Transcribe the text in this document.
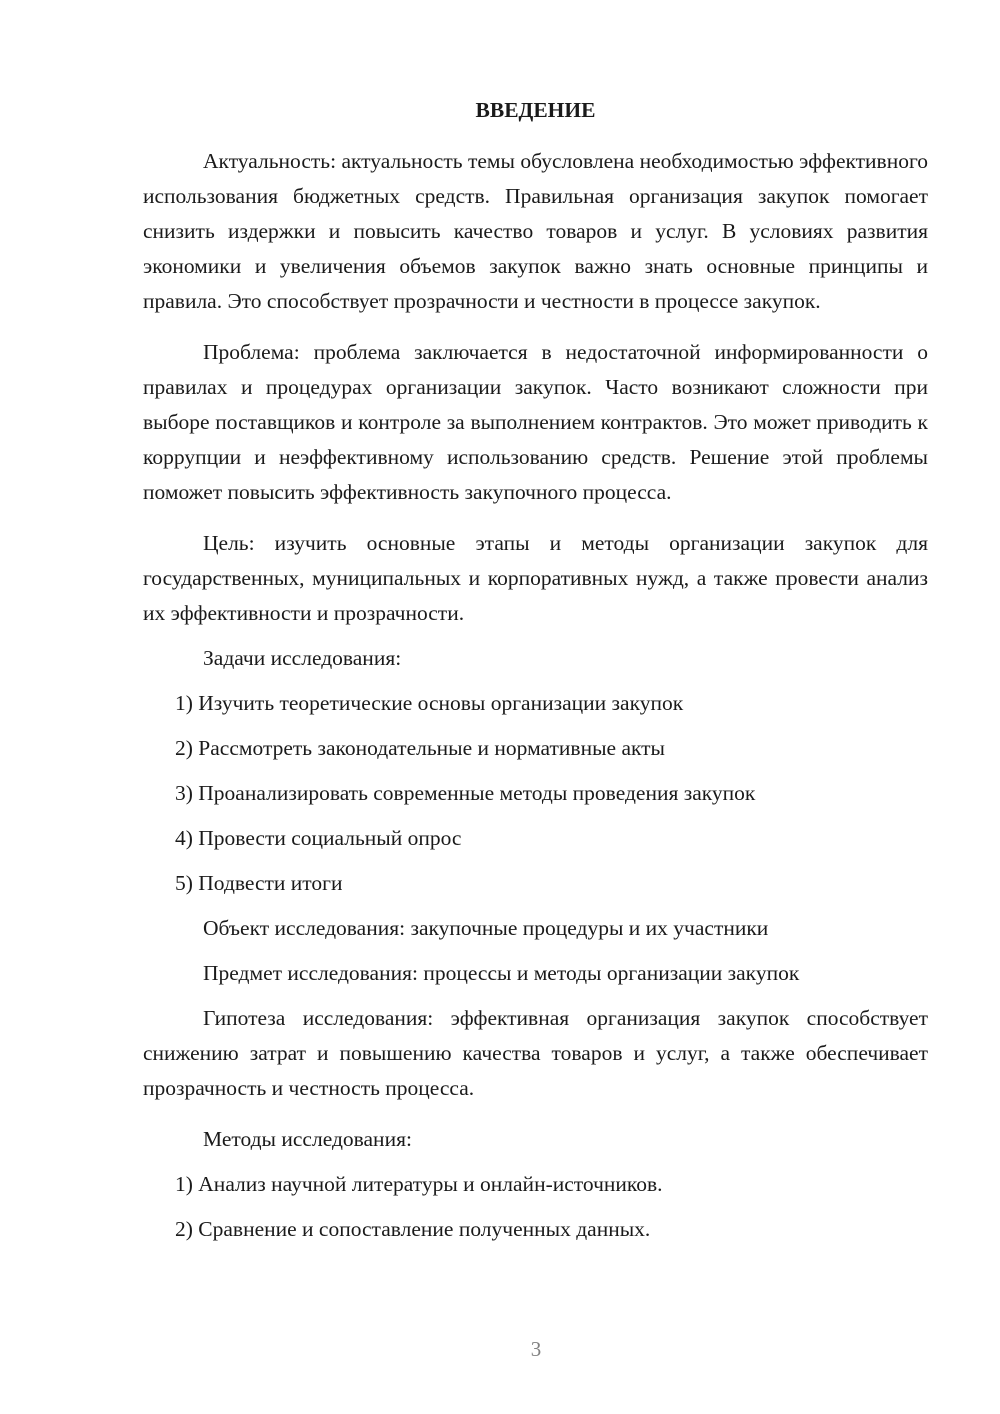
ВВЕДЕНИЕ

Актуальность: актуальность темы обусловлена необходимостью эффективного использования бюджетных средств. Правильная организация закупок помогает снизить издержки и повысить качество товаров и услуг. В условиях развития экономики и увеличения объемов закупок важно знать основные принципы и правила. Это способствует прозрачности и честности в процессе закупок.

Проблема: проблема заключается в недостаточной информированности о правилах и процедурах организации закупок. Часто возникают сложности при выборе поставщиков и контроле за выполнением контрактов. Это может приводить к коррупции и неэффективному использованию средств. Решение этой проблемы поможет повысить эффективность закупочного процесса.

Цель: изучить основные этапы и методы организации закупок для государственных, муниципальных и корпоративных нужд, а также провести анализ их эффективности и прозрачности.

Задачи исследования:

1) Изучить теоретические основы организации закупок

2) Рассмотреть законодательные и нормативные акты

3) Проанализировать современные методы проведения закупок

4) Провести социальный опрос

5) Подвести итоги

Объект исследования: закупочные процедуры и их участники

Предмет исследования: процессы и методы организации закупок

Гипотеза исследования: эффективная организация закупок способствует снижению затрат и повышению качества товаров и услуг, а также обеспечивает прозрачность и честность процесса.

Методы исследования:

1) Анализ научной литературы и онлайн-источников.

2) Сравнение и сопоставление полученных данных.

3
